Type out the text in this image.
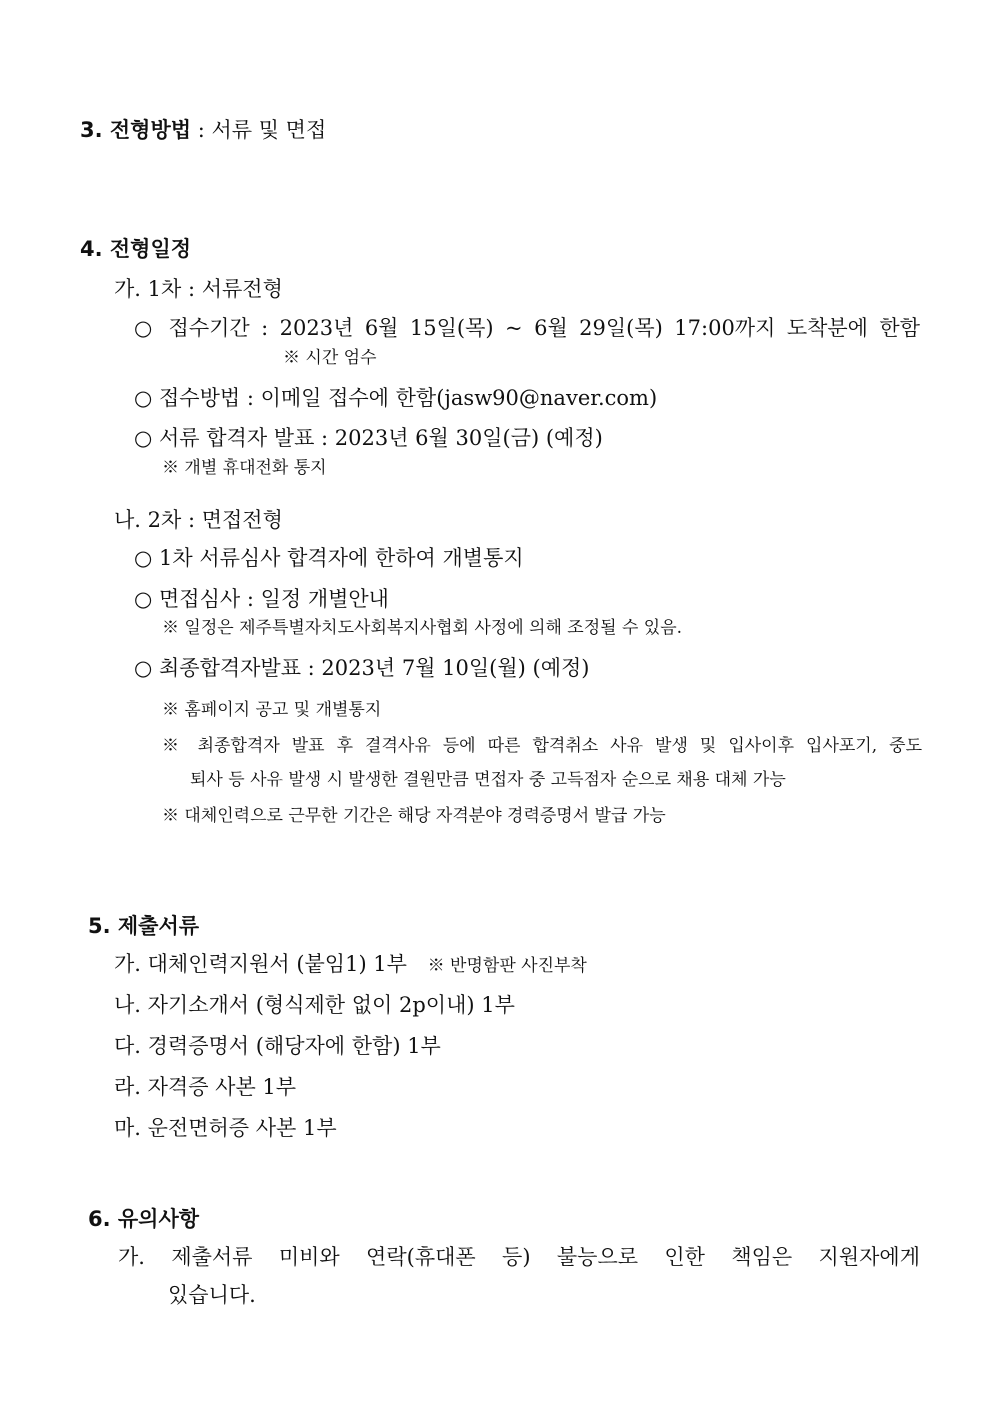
3. 전형방법 : 서류 및 면접
4. 전형일정
가. 1차 : 서류전형
○ 접수기간 : 2023년 6월 15일(목) ~ 6월 29일(목) 17:00까지 도착분에 한함
※ 시간 엄수
○ 접수방법 : 이메일 접수에 한함(jasw90@naver.com)
○ 서류 합격자 발표 : 2023년 6월 30일(금) (예정)
※ 개별 휴대전화 통지
나. 2차 : 면접전형
○ 1차 서류심사 합격자에 한하여 개별통지
○ 면접심사 : 일정 개별안내
※ 일정은 제주특별자치도사회복지사협회 사정에 의해 조정될 수 있음.
○ 최종합격자발표 : 2023년 7월 10일(월) (예정)
※ 홈페이지 공고 및 개별통지
※ 최종합격자 발표 후 결격사유 등에 따른 합격취소 사유 발생 및 입사이후 입사포기, 중도
퇴사 등 사유 발생 시 발생한 결원만큼 면접자 중 고득점자 순으로 채용 대체 가능
※ 대체인력으로 근무한 기간은 해당 자격분야 경력증명서 발급 가능
5. 제출서류
가. 대체인력지원서 (붙임1) 1부 ※ 반명함판 사진부착
나. 자기소개서 (형식제한 없이 2p이내) 1부
다. 경력증명서 (해당자에 한함) 1부
라. 자격증 사본 1부
마. 운전면허증 사본 1부
6. 유의사항
가. 제출서류 미비와 연락(휴대폰 등) 불능으로 인한 책임은 지원자에게
있습니다.
